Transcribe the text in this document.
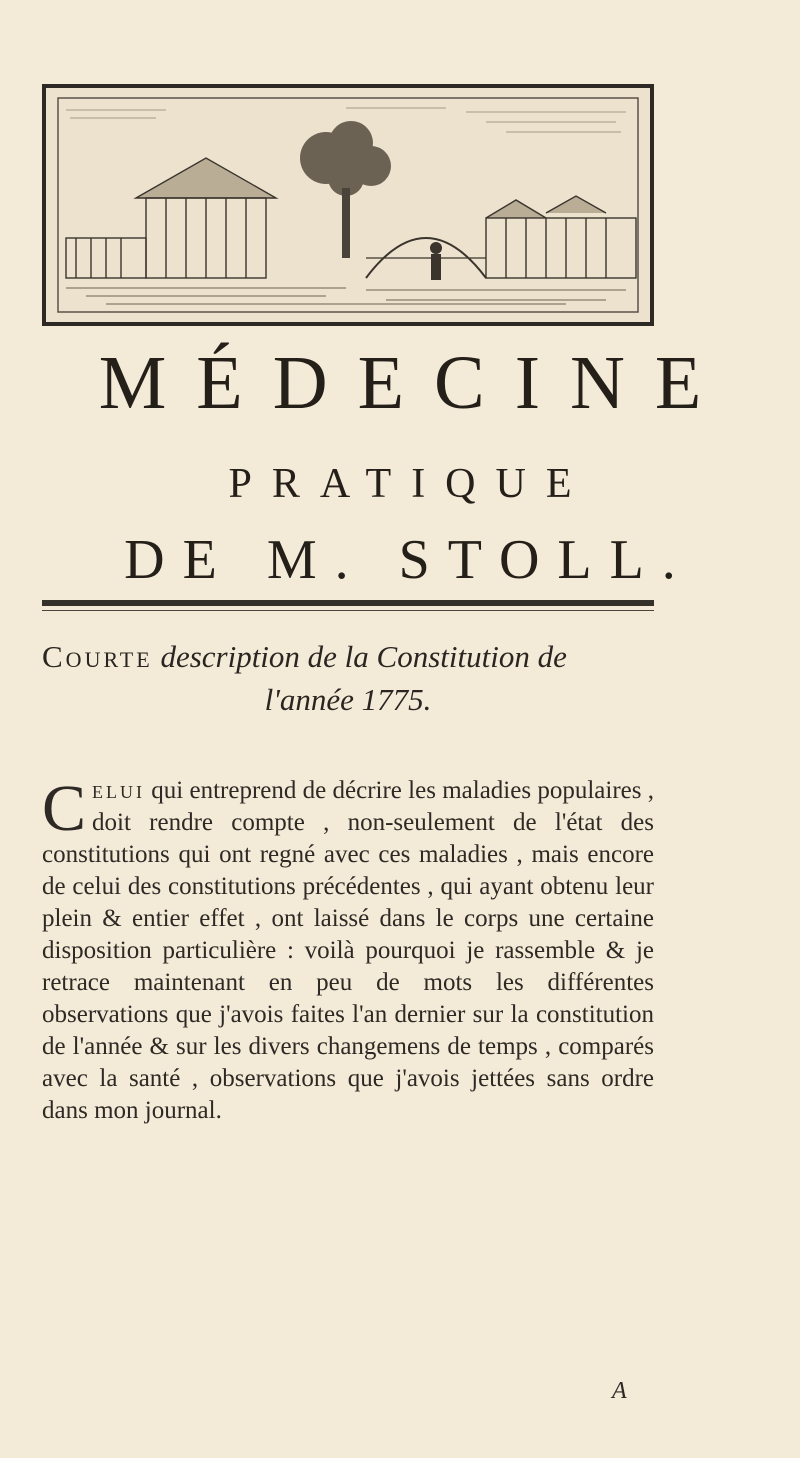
MÉDECINE
PRATIQUE
DE M. STOLL.
Courte description de la Constitution de
l'année 1775.
Celui qui entreprend de décrire les maladies populaires , doit rendre compte , non-seulement de l'état des constitutions qui ont regné avec ces maladies , mais encore de celui des constitutions précédentes , qui ayant obtenu leur plein & entier effet , ont laissé dans le corps une certaine disposition particulière : voilà pourquoi je rassemble & je retrace maintenant en peu de mots les différentes observations que j'avois faites l'an dernier sur la constitution de l'année & sur les divers changemens de temps , comparés avec la santé , observations que j'avois jettées sans ordre dans mon journal.
A
